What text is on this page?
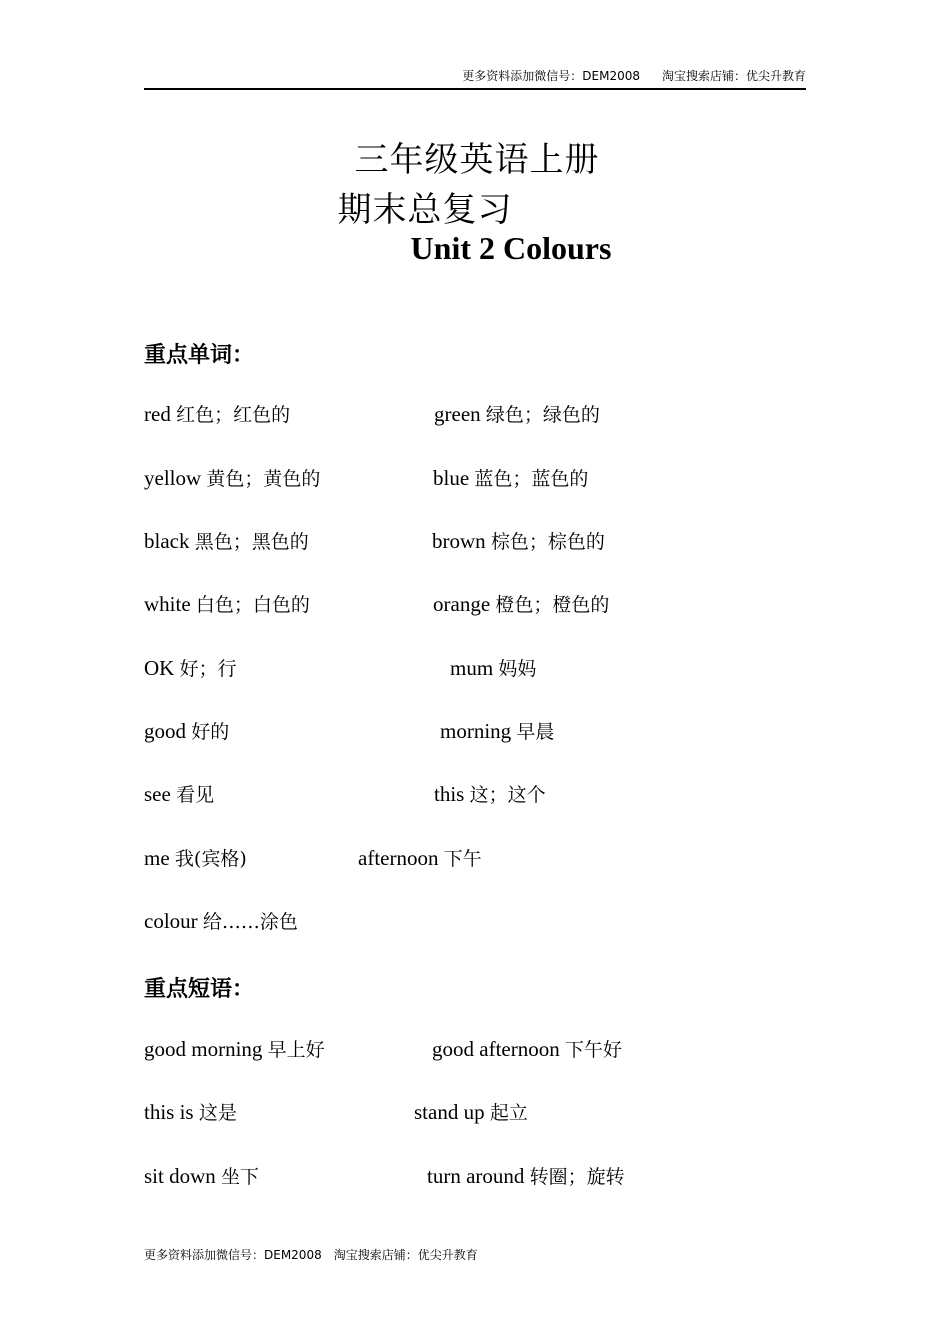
更多资料添加微信号：DEM2008 淘宝搜索店铺：优尖升教育
三年级英语上册
期末总复习
Unit 2 Colours
重点单词：
red 红色；红色的	green 绿色；绿色的
yellow 黄色；黄色的	blue 蓝色；蓝色的
black 黑色；黑色的	brown 棕色；棕色的
white 白色；白色的	orange 橙色；橙色的
OK 好；行	mum 妈妈
good 好的	morning 早晨
see 看见	this 这；这个
me 我(宾格)	afternoon 下午
colour 给……涂色
重点短语：
good morning 早上好	good afternoon 下午好
this is 这是	stand up 起立
sit down 坐下	turn around 转圈；旋转
更多资料添加微信号：DEM2008 淘宝搜索店铺：优尖升教育
